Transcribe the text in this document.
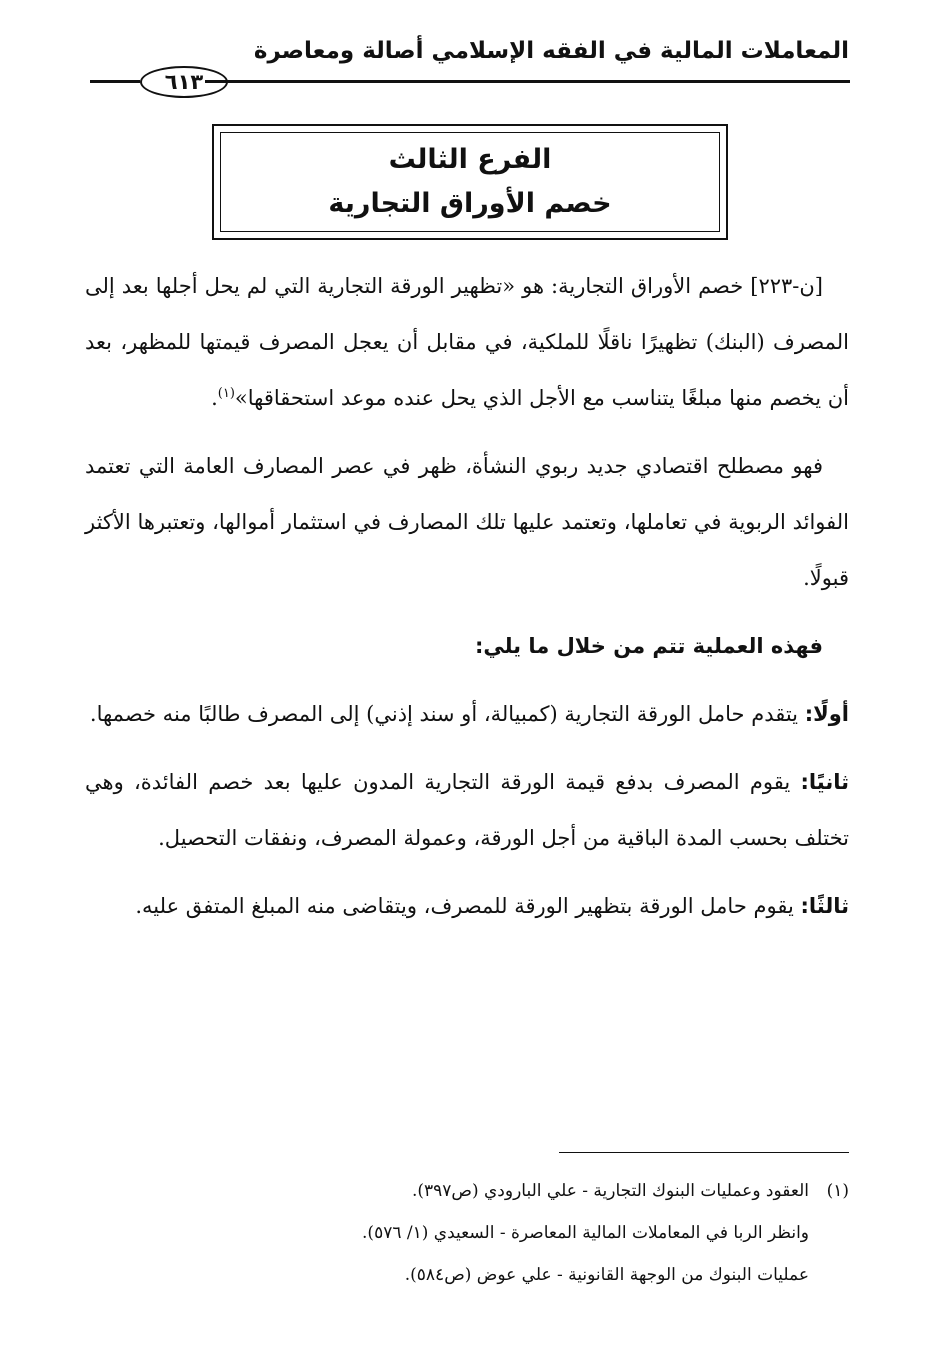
المعاملات المالية في الفقه الإسلامي أصالة ومعاصرة
٦١٣
الفرع الثالث
خصم الأوراق التجارية

[ن-٢٢٣] خصم الأوراق التجارية: هو «تظهير الورقة التجارية التي لم يحل أجلها بعد إلى المصرف (البنك) تظهيرًا ناقلًا للملكية، في مقابل أن يعجل المصرف قيمتها للمظهر، بعد أن يخصم منها مبلغًا يتناسب مع الأجل الذي يحل عنده موعد استحقاقها»$^{(١)}$.

فهو مصطلح اقتصادي جديد ربوي النشأة، ظهر في عصر المصارف العامة التي تعتمد الفوائد الربوية في تعاملها، وتعتمد عليها تلك المصارف في استثمار أموالها، وتعتبرها الأكثر قبولًا.

فهذه العملية تتم من خلال ما يلي:

أولًا: يتقدم حامل الورقة التجارية (كمبيالة، أو سند إذني) إلى المصرف طالبًا منه خصمها.

ثانيًا: يقوم المصرف بدفع قيمة الورقة التجارية المدون عليها بعد خصم الفائدة، وهي تختلف بحسب المدة الباقية من أجل الورقة، وعمولة المصرف، ونفقات التحصيل.

ثالثًا: يقوم حامل الورقة بتظهير الورقة للمصرف، ويتقاضى منه المبلغ المتفق عليه.

(١)العقود وعمليات البنوك التجارية - علي البارودي (ص٣٩٧).

وانظر الربا في المعاملات المالية المعاصرة - السعيدي (١/ ٥٧٦).

عمليات البنوك من الوجهة القانونية - علي عوض (ص٥٨٤).
